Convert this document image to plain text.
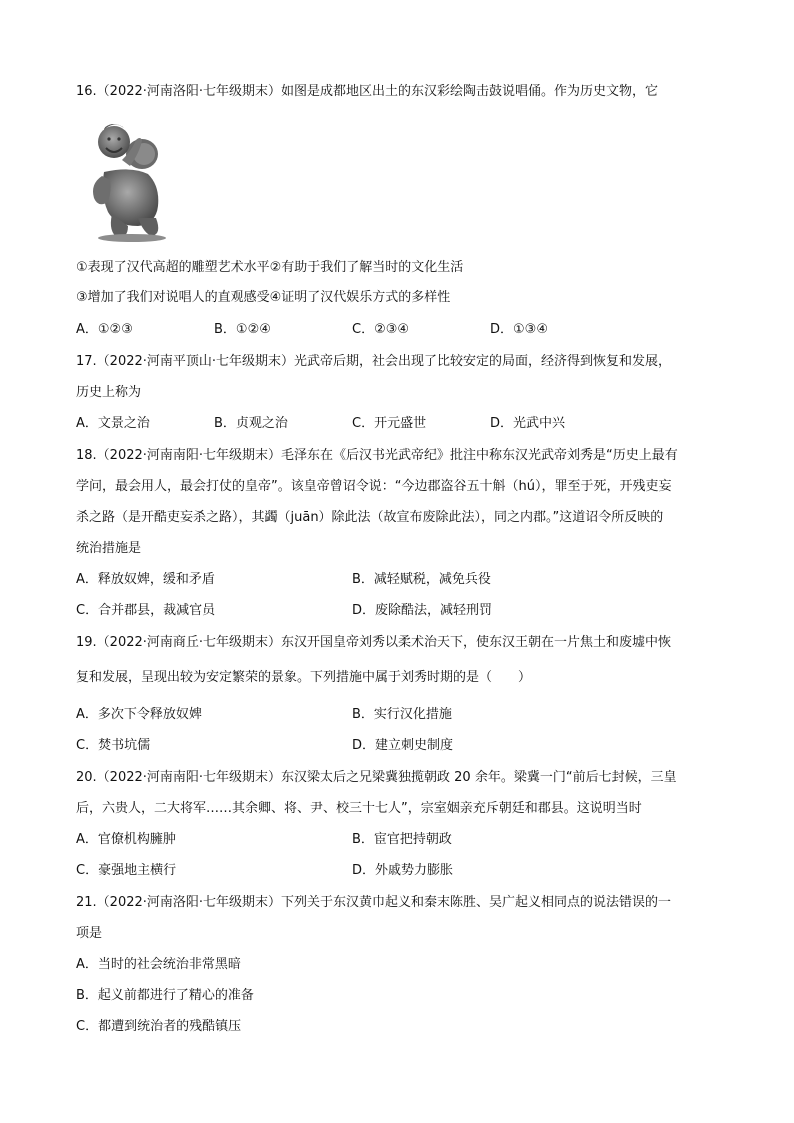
16.（2022·河南洛阳·七年级期末）如图是成都地区出土的东汉彩绘陶击鼓说唱俑。作为历史文物，它
①表现了汉代高超的雕塑艺术水平②有助于我们了解当时的文化生活
③增加了我们对说唱人的直观感受④证明了汉代娱乐方式的多样性
A．①②③	B．①②④	C．②③④	D．①③④
17.（2022·河南平顶山·七年级期末）光武帝后期，社会出现了比较安定的局面，经济得到恢复和发展，
历史上称为
A．文景之治	B．贞观之治	C．开元盛世	D．光武中兴
18.（2022·河南南阳·七年级期末）毛泽东在《后汉书光武帝纪》批注中称东汉光武帝刘秀是“历史上最有
学问，最会用人，最会打仗的皇帝”。该皇帝曾诏令说：“今边郡盗谷五十斛（hú），罪至于死，开残吏妄
杀之路（是开酷吏妄杀之路），其蠲（juān）除此法（故宣布废除此法），同之内郡。”这道诏令所反映的
统治措施是
A．释放奴婢，缓和矛盾	B．减轻赋税，减免兵役
C．合并郡县，裁减官员	D．废除酷法，减轻刑罚
19.（2022·河南商丘·七年级期末）东汉开国皇帝刘秀以柔术治天下，使东汉王朝在一片焦土和废墟中恢
复和发展，呈现出较为安定繁荣的景象。下列措施中属于刘秀时期的是（　　）
A．多次下令释放奴婢	B．实行汉化措施
C．焚书坑儒	D．建立刺史制度
20.（2022·河南南阳·七年级期末）东汉梁太后之兄梁冀独揽朝政 20 余年。梁冀一门“前后七封候，三皇
后，六贵人，二大将军……其余卿、将、尹、校三十七人”，宗室姻亲充斥朝廷和郡县。这说明当时
A．官僚机构臃肿	B．宦官把持朝政
C．豪强地主横行	D．外戚势力膨胀
21.（2022·河南洛阳·七年级期末）下列关于东汉黄巾起义和秦末陈胜、吴广起义相同点的说法错误的一
项是
A．当时的社会统治非常黑暗
B．起义前都进行了精心的准备
C．都遭到统治者的残酷镇压
